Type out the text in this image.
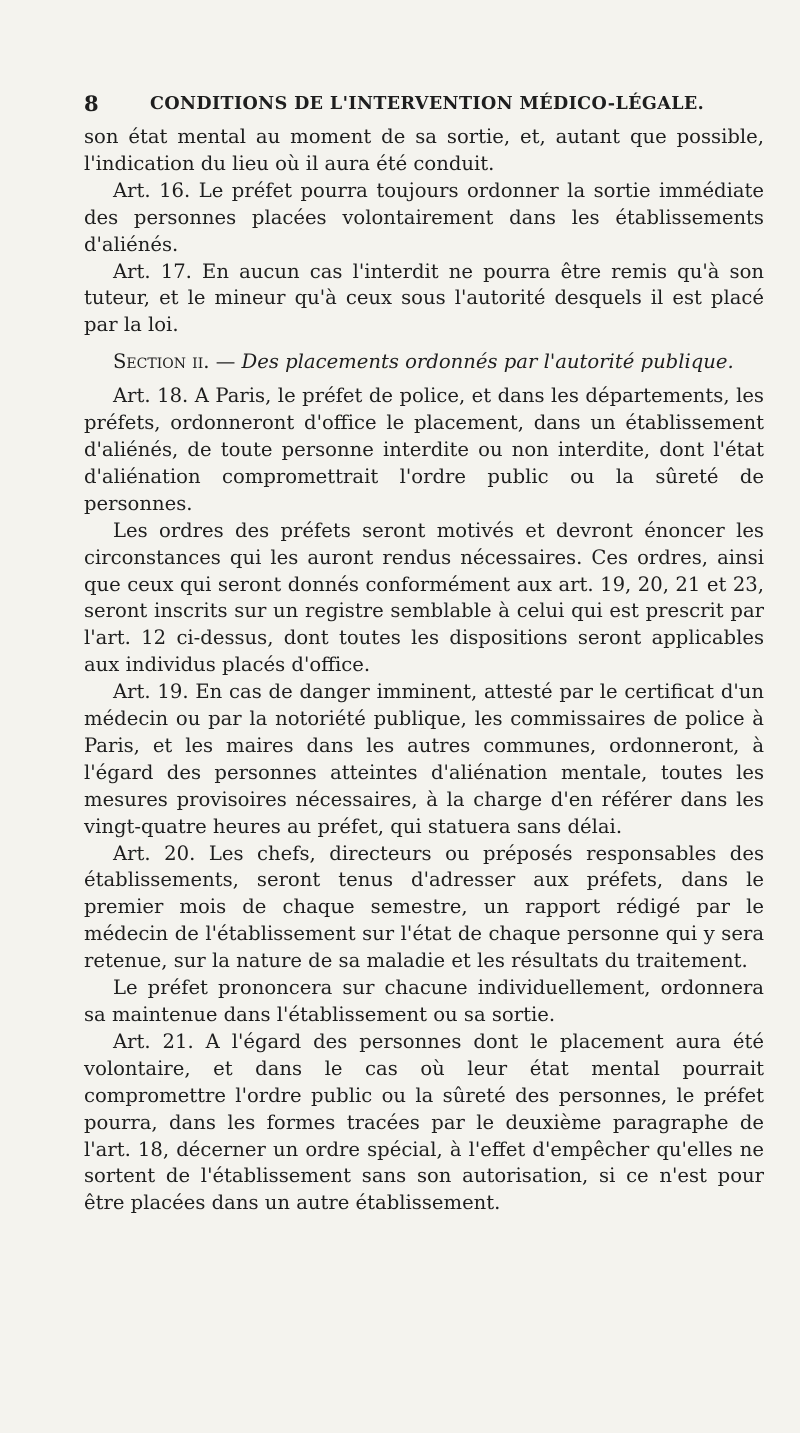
8	CONDITIONS DE L'INTERVENTION MÉDICO-LÉGALE.

son état mental au moment de sa sortie, et, autant que possible, l'indication du lieu où il aura été conduit.

Art. 16. Le préfet pourra toujours ordonner la sortie immédiate des personnes placées volontairement dans les établissements d'aliénés.

Art. 17. En aucun cas l'interdit ne pourra être remis qu'à son tuteur, et le mineur qu'à ceux sous l'autorité desquels il est placé par la loi.

Section ii. — Des placements ordonnés par l'autorité publique.

Art. 18. A Paris, le préfet de police, et dans les départements, les préfets, ordonneront d'office le placement, dans un établissement d'aliénés, de toute personne interdite ou non interdite, dont l'état d'aliénation compromettrait l'ordre public ou la sûreté de personnes.

Les ordres des préfets seront motivés et devront énoncer les circonstances qui les auront rendus nécessaires. Ces ordres, ainsi que ceux qui seront donnés conformément aux art. 19, 20, 21 et 23, seront inscrits sur un registre semblable à celui qui est prescrit par l'art. 12 ci-dessus, dont toutes les dispositions seront applicables aux individus placés d'office.

Art. 19. En cas de danger imminent, attesté par le certificat d'un médecin ou par la notoriété publique, les commissaires de police à Paris, et les maires dans les autres communes, ordonneront, à l'égard des personnes atteintes d'aliénation mentale, toutes les mesures provisoires nécessaires, à la charge d'en référer dans les vingt-quatre heures au préfet, qui statuera sans délai.

Art. 20. Les chefs, directeurs ou préposés responsables des établissements, seront tenus d'adresser aux préfets, dans le premier mois de chaque semestre, un rapport rédigé par le médecin de l'établissement sur l'état de chaque personne qui y sera retenue, sur la nature de sa maladie et les résultats du traitement.

Le préfet prononcera sur chacune individuellement, ordonnera sa maintenue dans l'établissement ou sa sortie.

Art. 21. A l'égard des personnes dont le placement aura été volontaire, et dans le cas où leur état mental pourrait compromettre l'ordre public ou la sûreté des personnes, le préfet pourra, dans les formes tracées par le deuxième paragraphe de l'art. 18, décerner un ordre spécial, à l'effet d'empêcher qu'elles ne sortent de l'établissement sans son autorisation, si ce n'est pour être placées dans un autre établissement.
